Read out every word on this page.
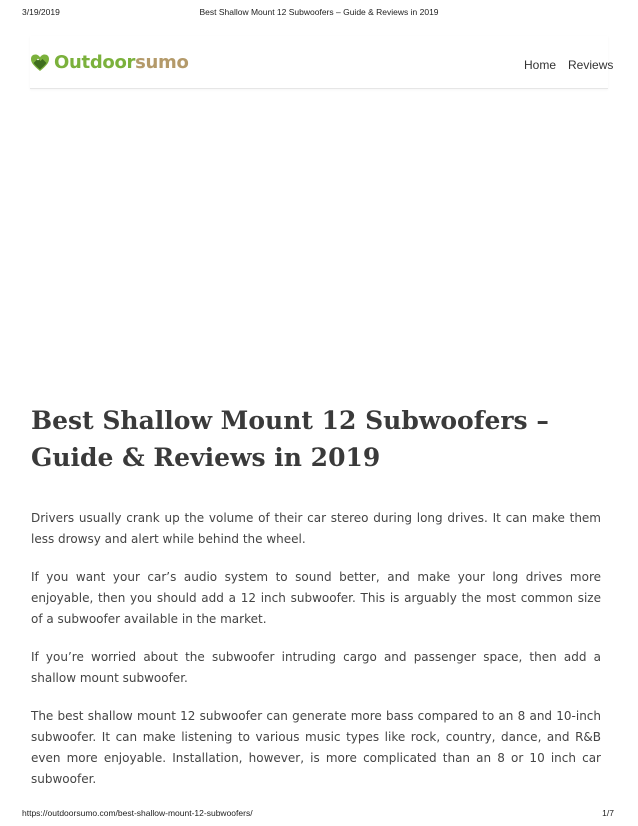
3/19/2019	Best Shallow Mount 12 Subwoofers – Guide & Reviews in 2019
Outdoorsumo	Home Reviews
Best Shallow Mount 12 Subwoofers – Guide & Reviews in 2019

Drivers usually crank up the volume of their car stereo during long drives. It can make them less drowsy and alert while behind the wheel.

If you want your car’s audio system to sound better, and make your long drives more enjoyable, then you should add a 12 inch subwoofer. This is arguably the most common size of a subwoofer available in the market.

If you’re worried about the subwoofer intruding cargo and passenger space, then add a shallow mount subwoofer.

The best shallow mount 12 subwoofer can generate more bass compared to an 8 and 10-inch subwoofer. It can make listening to various music types like rock, country, dance, and R&B even more enjoyable. Installation, however, is more complicated than an 8 or 10 inch car subwoofer.

https://outdoorsumo.com/best-shallow-mount-12-subwoofers/	1/7
